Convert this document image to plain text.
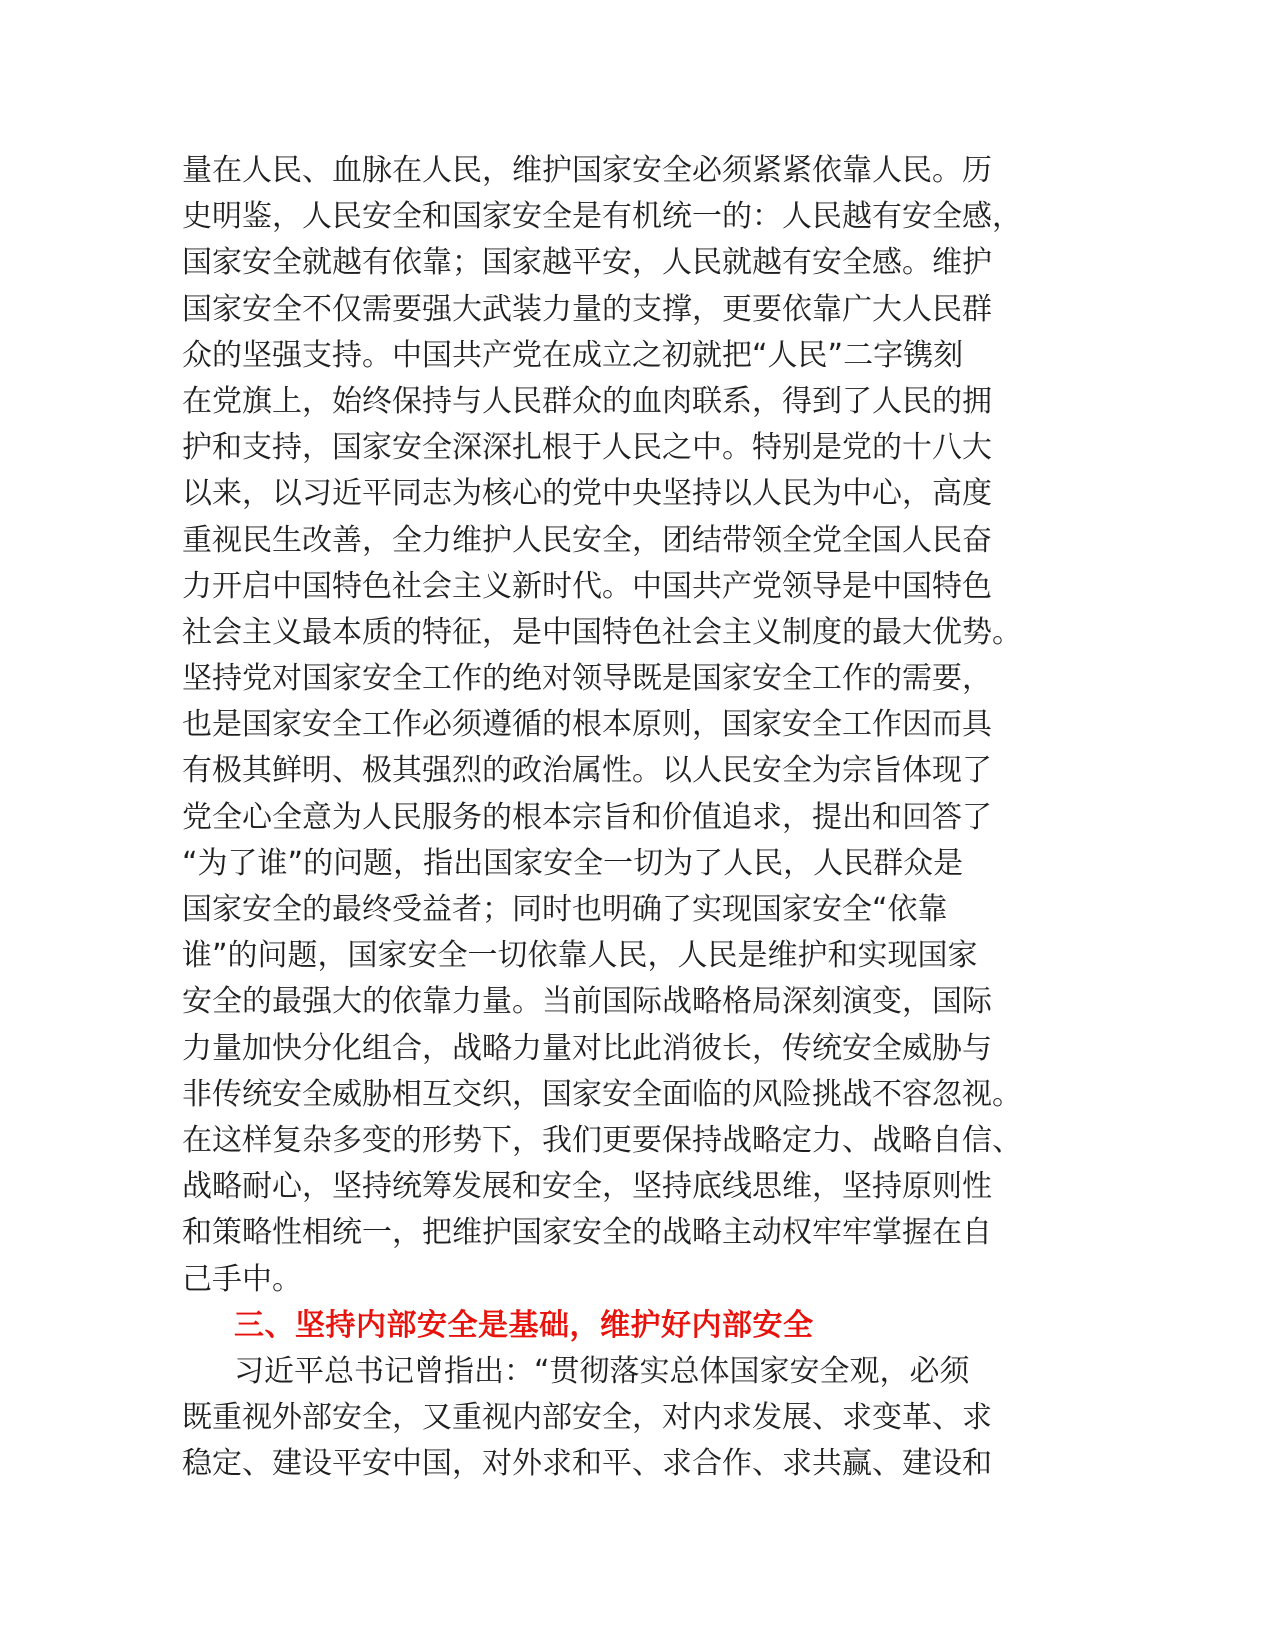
量在人民、血脉在人民，维护国家安全必须紧紧依靠人民。历
史明鉴，人民安全和国家安全是有机统一的：人民越有安全感，
国家安全就越有依靠；国家越平安，人民就越有安全感。维护
国家安全不仅需要强大武装力量的支撑，更要依靠广大人民群
众的坚强支持。中国共产党在成立之初就把“人民”二字镌刻
在党旗上，始终保持与人民群众的血肉联系，得到了人民的拥
护和支持，国家安全深深扎根于人民之中。特别是党的十八大
以来，以习近平同志为核心的党中央坚持以人民为中心，高度
重视民生改善，全力维护人民安全，团结带领全党全国人民奋
力开启中国特色社会主义新时代。中国共产党领导是中国特色
社会主义最本质的特征，是中国特色社会主义制度的最大优势。
坚持党对国家安全工作的绝对领导既是国家安全工作的需要，
也是国家安全工作必须遵循的根本原则，国家安全工作因而具
有极其鲜明、极其强烈的政治属性。以人民安全为宗旨体现了
党全心全意为人民服务的根本宗旨和价值追求，提出和回答了
“为了谁”的问题，指出国家安全一切为了人民，人民群众是
国家安全的最终受益者；同时也明确了实现国家安全“依靠
谁”的问题，国家安全一切依靠人民，人民是维护和实现国家
安全的最强大的依靠力量。当前国际战略格局深刻演变，国际
力量加快分化组合，战略力量对比此消彼长，传统安全威胁与
非传统安全威胁相互交织，国家安全面临的风险挑战不容忽视。
在这样复杂多变的形势下，我们更要保持战略定力、战略自信、
战略耐心，坚持统筹发展和安全，坚持底线思维，坚持原则性
和策略性相统一，把维护国家安全的战略主动权牢牢掌握在自
己手中。
三、坚持内部安全是基础，维护好内部安全
习近平总书记曾指出：“贯彻落实总体国家安全观，必须
既重视外部安全，又重视内部安全，对内求发展、求变革、求
稳定、建设平安中国，对外求和平、求合作、求共赢、建设和
